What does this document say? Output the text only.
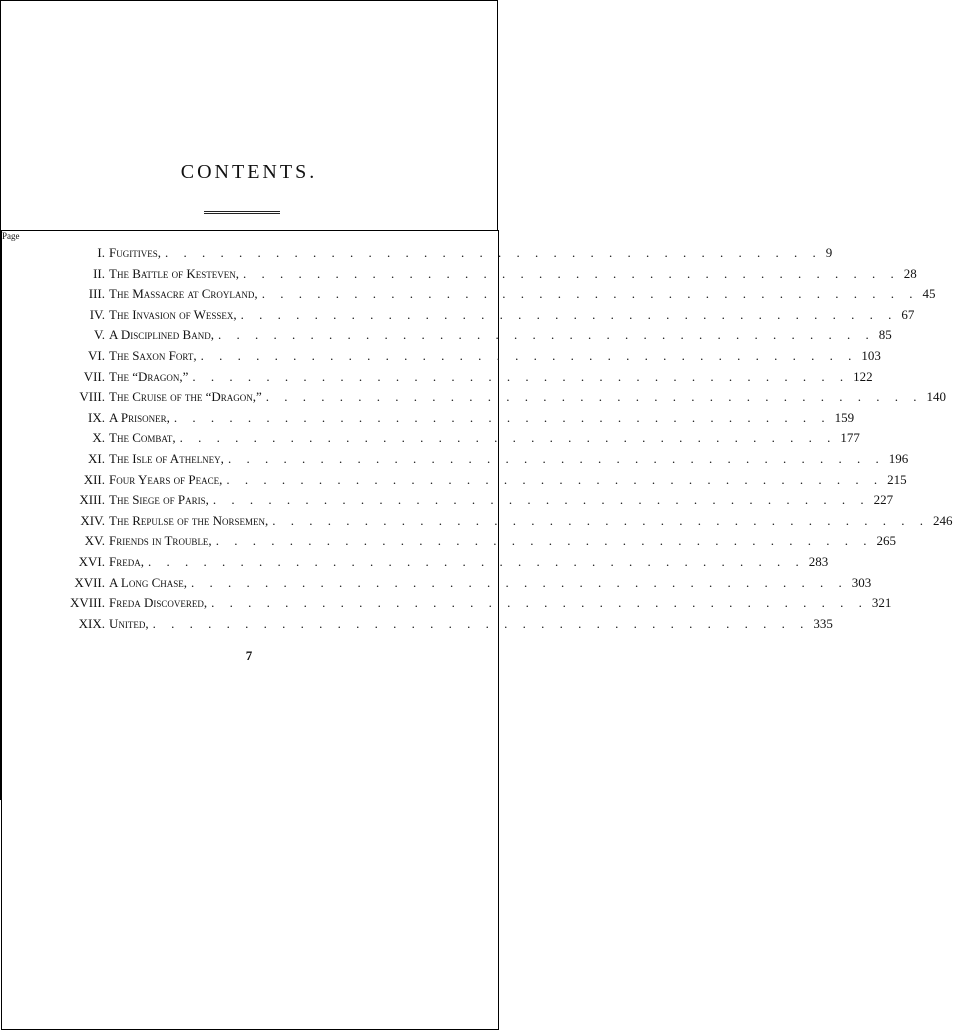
CONTENTS.
Page
I. Fugitives, . . . . . . . . . . . . . . . . . . . . . . . . . . . . . . . . . . . . 9
II. The Battle of Kesteven, . . . . . . . . . . . . . . . . . . . . . . . . . . . . . . . . . . . . 28
III. The Massacre at Croyland, . . . . . . . . . . . . . . . . . . . . . . . . . . . . . . . . . . . . 45
IV. The Invasion of Wessex, . . . . . . . . . . . . . . . . . . . . . . . . . . . . . . . . . . . . 67
V. A Disciplined Band, . . . . . . . . . . . . . . . . . . . . . . . . . . . . . . . . . . . . 85
VI. The Saxon Fort, . . . . . . . . . . . . . . . . . . . . . . . . . . . . . . . . . . . . 103
VII. The “Dragon,” . . . . . . . . . . . . . . . . . . . . . . . . . . . . . . . . . . . . 122
VIII. The Cruise of the “Dragon,” . . . . . . . . . . . . . . . . . . . . . . . . . . . . . . . . . . . . 140
IX. A Prisoner, . . . . . . . . . . . . . . . . . . . . . . . . . . . . . . . . . . . . 159
X. The Combat, . . . . . . . . . . . . . . . . . . . . . . . . . . . . . . . . . . . . 177
XI. The Isle of Athelney, . . . . . . . . . . . . . . . . . . . . . . . . . . . . . . . . . . . . 196
XII. Four Years of Peace, . . . . . . . . . . . . . . . . . . . . . . . . . . . . . . . . . . . . 215
XIII. The Siege of Paris, . . . . . . . . . . . . . . . . . . . . . . . . . . . . . . . . . . . . 227
XIV. The Repulse of the Norsemen, . . . . . . . . . . . . . . . . . . . . . . . . . . . . . . . . . . . . 246
XV. Friends in Trouble, . . . . . . . . . . . . . . . . . . . . . . . . . . . . . . . . . . . . 265
XVI. Freda, . . . . . . . . . . . . . . . . . . . . . . . . . . . . . . . . . . . . 283
XVII. A Long Chase, . . . . . . . . . . . . . . . . . . . . . . . . . . . . . . . . . . . . 303
XVIII. Freda Discovered, . . . . . . . . . . . . . . . . . . . . . . . . . . . . . . . . . . . . 321
XIX. United, . . . . . . . . . . . . . . . . . . . . . . . . . . . . . . . . . . . . 335
7
